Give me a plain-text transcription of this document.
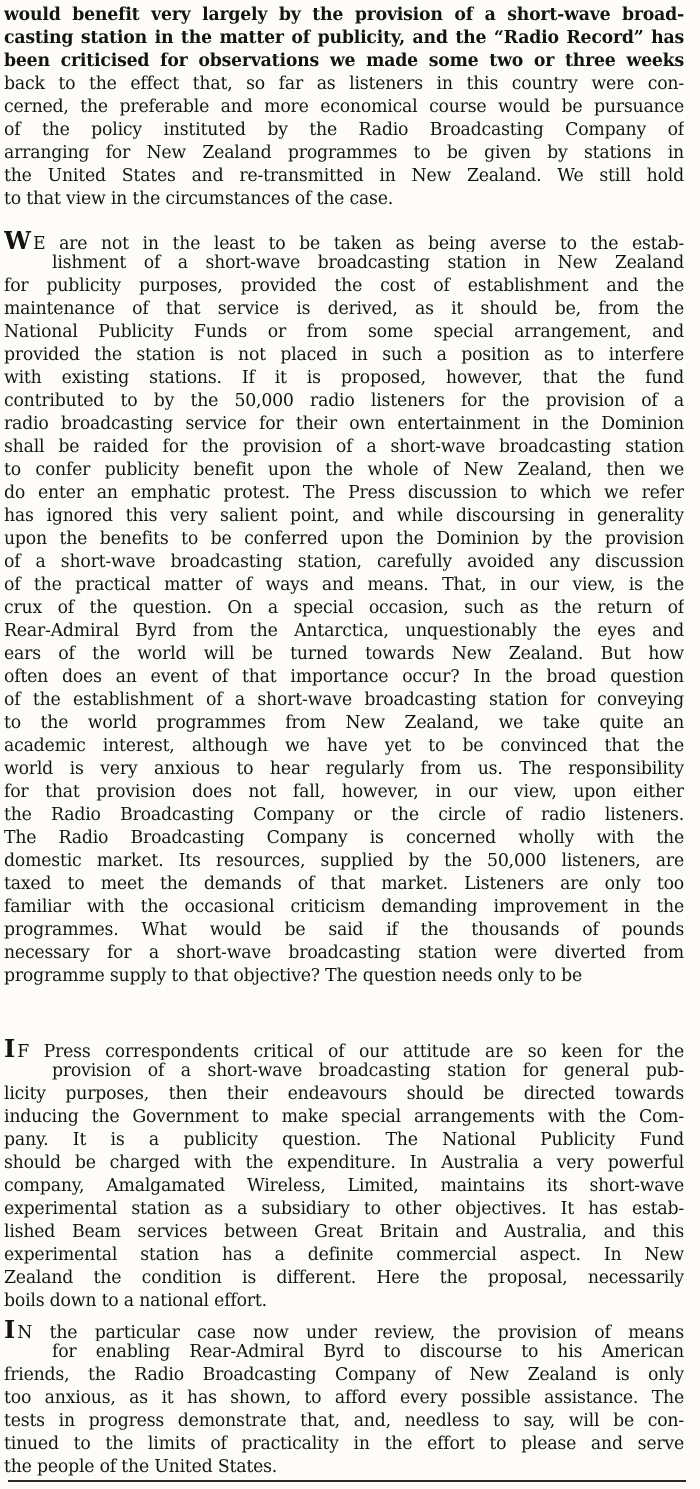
would benefit very largely by the provision of a short-wave broad-
casting station in the matter of publicity, and the “Radio Record” has
been criticised for observations we made some two or three weeks
back to the effect that, so far as listeners in this country were con-
cerned, the preferable and more economical course would be pursuance
of the policy instituted by the Radio Broadcasting Company of
arranging for New Zealand programmes to be given by stations in
the United States and re-transmitted in New Zealand. We still hold
to that view in the circumstances of the case.
W E are not in the least to be taken as being averse to the estab-
lishment of a short-wave broadcasting station in New Zealand
for publicity purposes, provided the cost of establishment and the
maintenance of that service is derived, as it should be, from the
National Publicity Funds or from some special arrangement, and
provided the station is not placed in such a position as to interfere
with existing stations. If it is proposed, however, that the fund
contributed to by the 50,000 radio listeners for the provision of a
radio broadcasting service for their own entertainment in the Dominion
shall be raided for the provision of a short-wave broadcasting station
to confer publicity benefit upon the whole of New Zealand, then we
do enter an emphatic protest. The Press discussion to which we refer
has ignored this very salient point, and while discoursing in generality
upon the benefits to be conferred upon the Dominion by the provision
of a short-wave broadcasting station, carefully avoided any discussion
of the practical matter of ways and means. That, in our view, is the
crux of the question. On a special occasion, such as the return of
Rear-Admiral Byrd from the Antarctica, unquestionably the eyes and
ears of the world will be turned towards New Zealand. But how
often does an event of that importance occur? In the broad question
of the establishment of a short-wave broadcasting station for conveying
to the world programmes from New Zealand, we take quite an
academic interest, although we have yet to be convinced that the
world is very anxious to hear regularly from us. The responsibility
for that provision does not fall, however, in our view, upon either
the Radio Broadcasting Company or the circle of radio listeners.
The Radio Broadcasting Company is concerned wholly with the
domestic market. Its resources, supplied by the 50,000 listeners, are
taxed to meet the demands of that market. Listeners are only too
familiar with the occasional criticism demanding improvement in the
programmes. What would be said if the thousands of pounds
necessary for a short-wave broadcasting station were diverted from
programme supply to that objective? The question needs only to be
I F Press correspondents critical of our attitude are so keen for the
provision of a short-wave broadcasting station for general pub-
licity purposes, then their endeavours should be directed towards
inducing the Government to make special arrangements with the Com-
pany. It is a publicity question. The National Publicity Fund
should be charged with the expenditure. In Australia a very powerful
company, Amalgamated Wireless, Limited, maintains its short-wave
experimental station as a subsidiary to other objectives. It has estab-
lished Beam services between Great Britain and Australia, and this
experimental station has a definite commercial aspect. In New
Zealand the condition is different. Here the proposal, necessarily
boils down to a national effort.
I N the particular case now under review, the provision of means
for enabling Rear-Admiral Byrd to discourse to his American
friends, the Radio Broadcasting Company of New Zealand is only
too anxious, as it has shown, to afford every possible assistance. The
tests in progress demonstrate that, and, needless to say, will be con-
tinued to the limits of practicality in the effort to please and serve
the people of the United States.
